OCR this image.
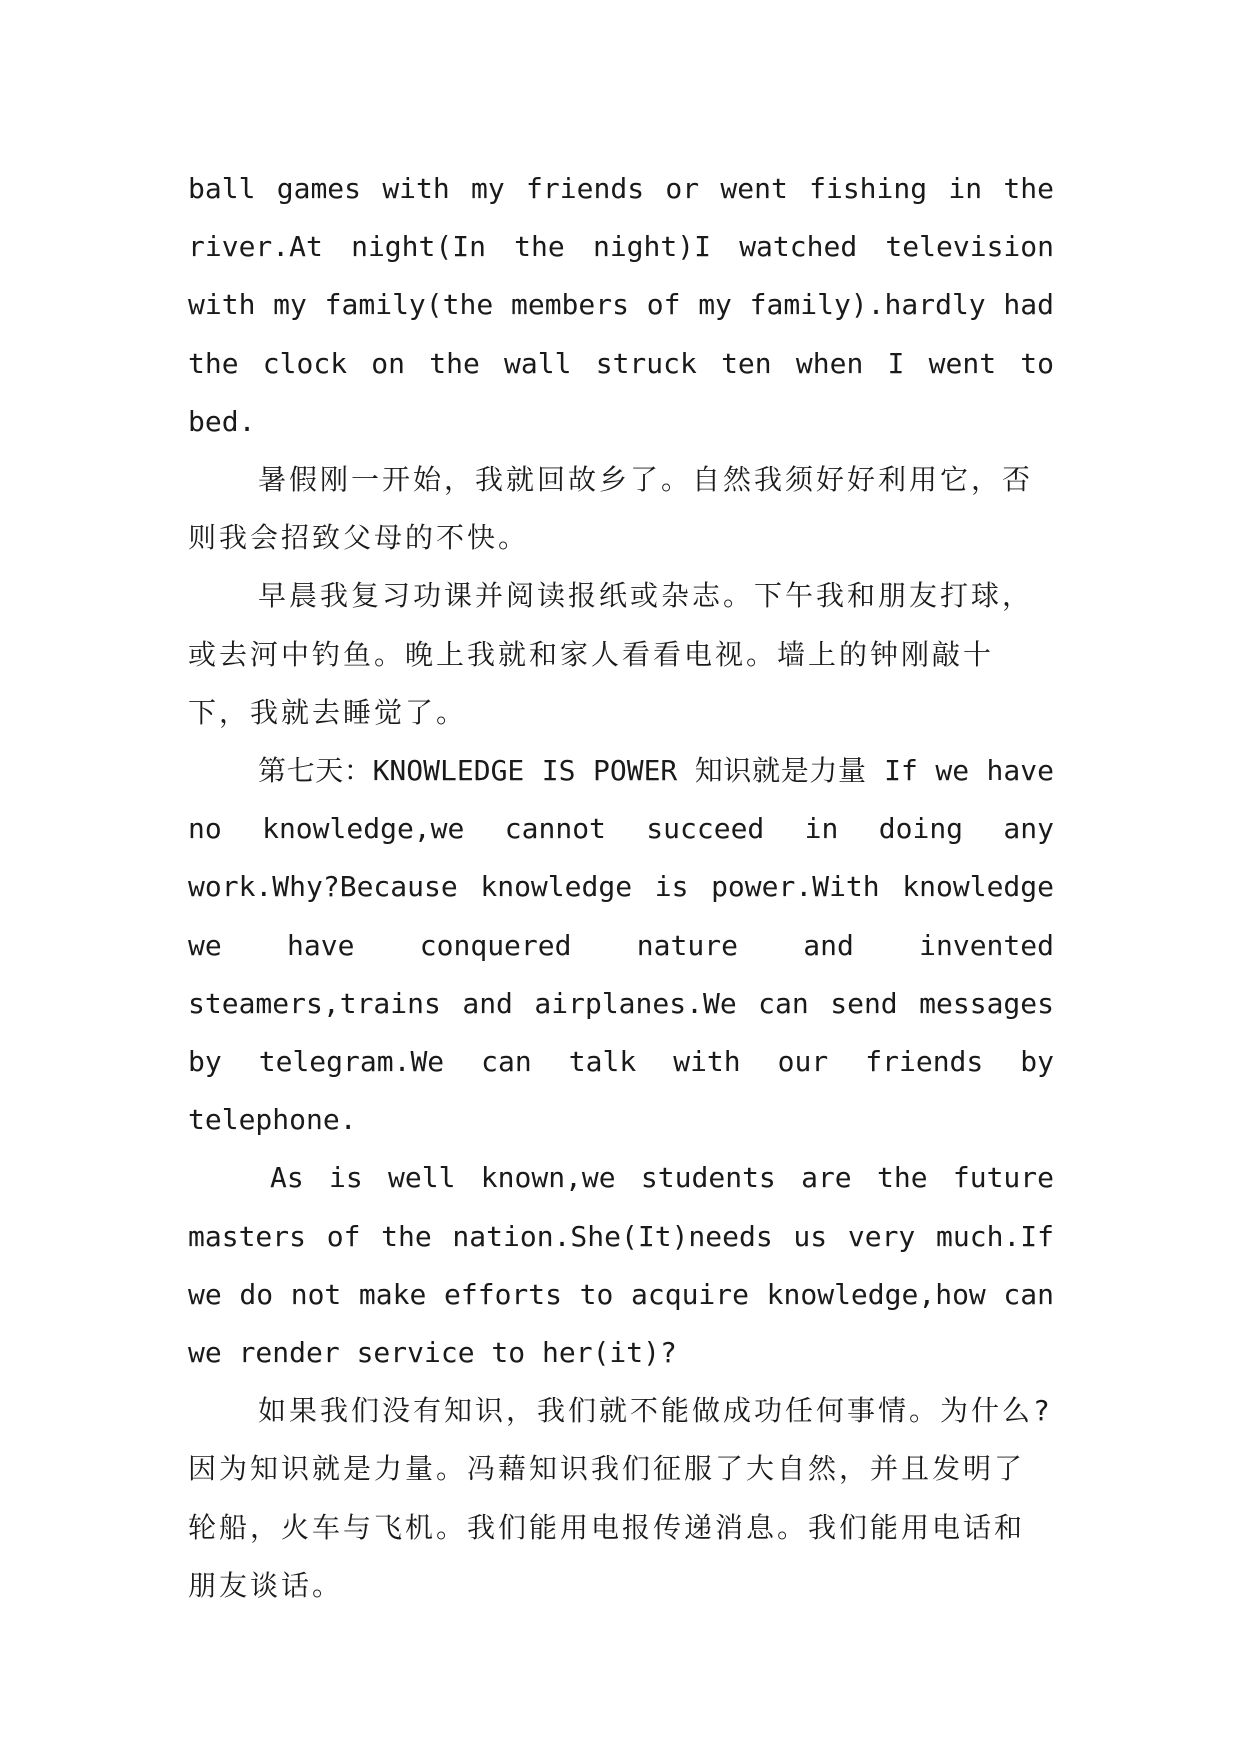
ball games with my friends or went fishing in the river.At night(In the night)I watched television with my family(the members of my family).hardly had the clock on the wall struck ten when I went to bed.

暑假刚一开始，我就回故乡了。自然我须好好利用它，否则我会招致父母的不快。

早晨我复习功课并阅读报纸或杂志。下午我和朋友打球，或去河中钓鱼。晚上我就和家人看看电视。墙上的钟刚敲十下，我就去睡觉了。

第七天：KNOWLEDGE IS POWER 知识就是力量 If we have no knowledge,we cannot succeed in doing any work.Why?Because knowledge is power.With knowledge we have conquered nature and invented steamers,trains and airplanes.We can send messages by telegram.We can talk with our friends by telephone.

As is well known,we students are the future masters of the nation.She(It)needs us very much.If we do not make efforts to acquire knowledge,how can we render service to her(it)?

如果我们没有知识，我们就不能做成功任何事情。为什么?因为知识就是力量。冯藉知识我们征服了大自然，并且发明了轮船，火车与飞机。我们能用电报传递消息。我们能用电话和朋友谈话。
